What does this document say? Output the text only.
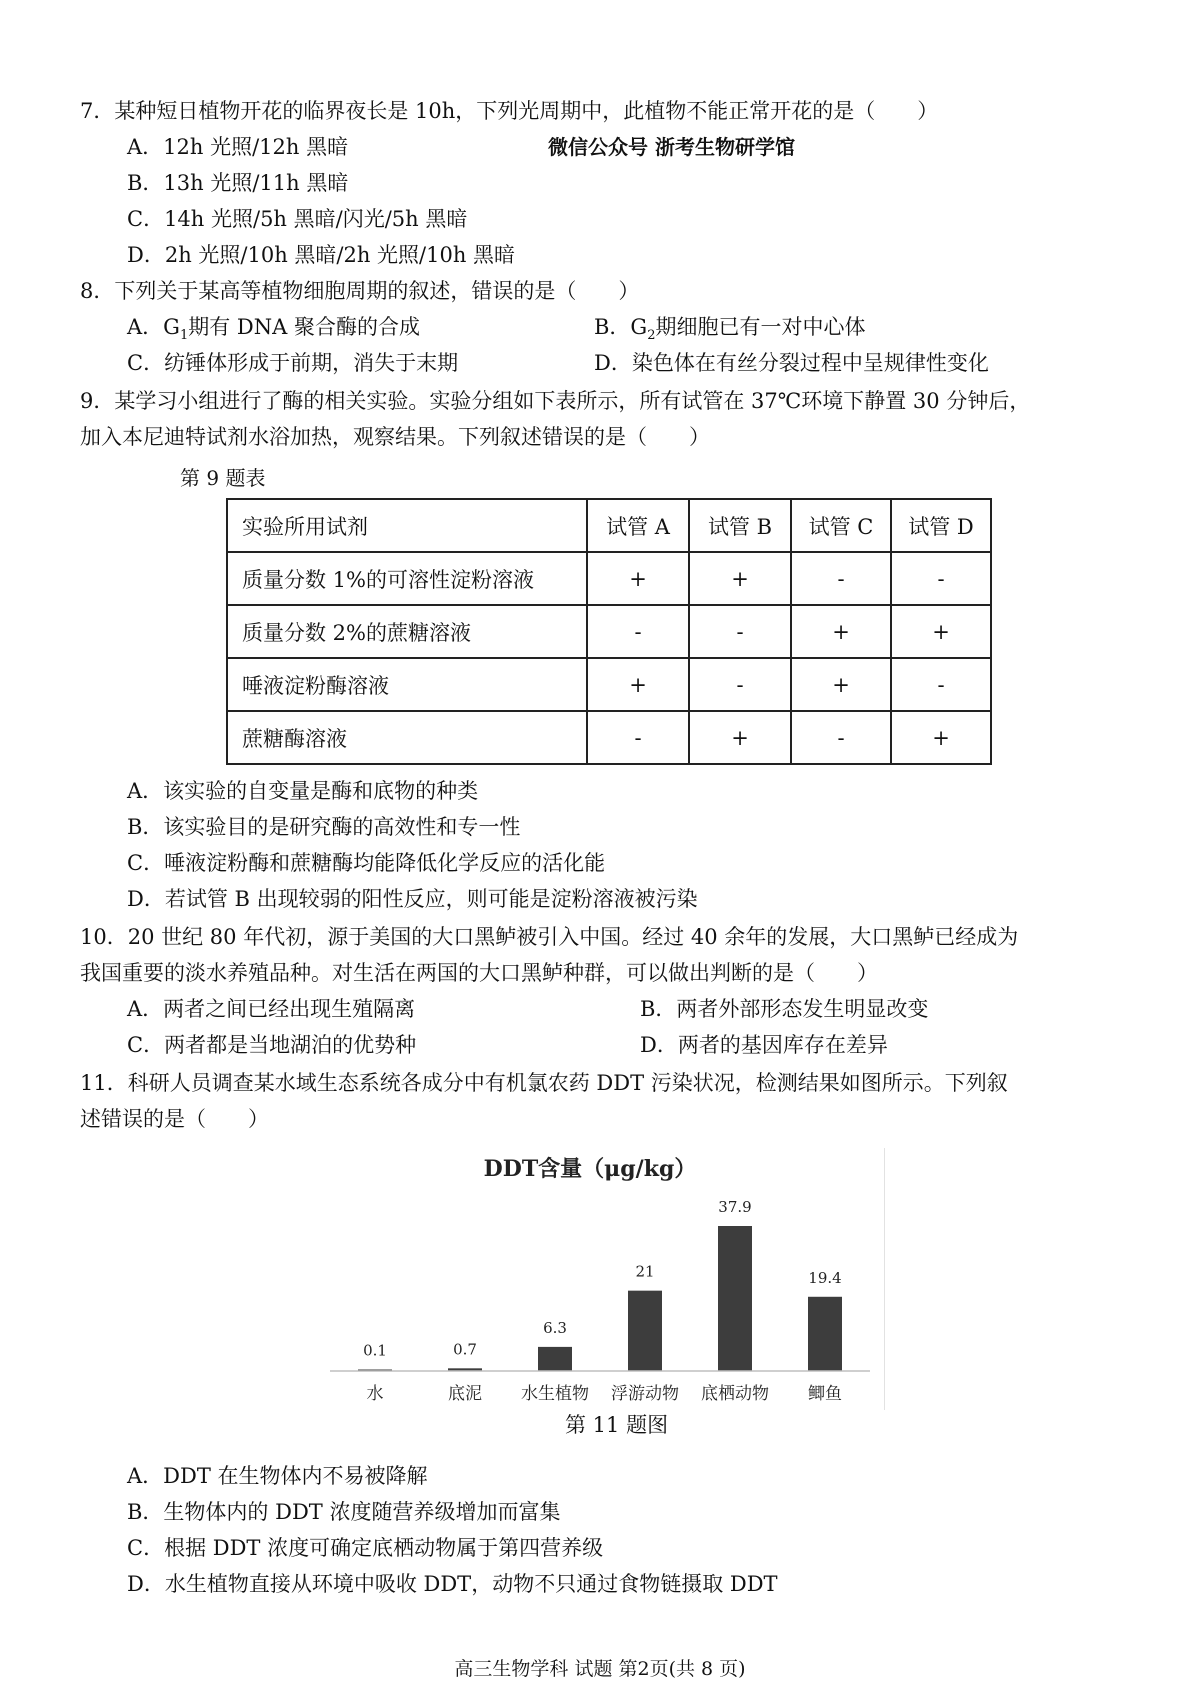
7．某种短日植物开花的临界夜长是 10h，下列光周期中，此植物不能正常开花的是（　　）
A．12h 光照/12h 黑暗	微信公众号 浙考生物研学馆
B．13h 光照/11h 黑暗
C．14h 光照/5h 黑暗/闪光/5h 黑暗
D．2h 光照/10h 黑暗/2h 光照/10h 黑暗
8．下列关于某高等植物细胞周期的叙述，错误的是（　　）
A．$G_1$期有 DNA 聚合酶的合成	B．$G_2$期细胞已有一对中心体
C．纺锤体形成于前期，消失于末期	D．染色体在有丝分裂过程中呈规律性变化
9．某学习小组进行了酶的相关实验。实验分组如下表所示，所有试管在 37℃环境下静置 30 分钟后，
加入本尼迪特试剂水浴加热，观察结果。下列叙述错误的是（　　）
第 9 题表
实验所用试剂	试管 A	试管 B	试管 C	试管 D
质量分数 1%的可溶性淀粉溶液	+	+	-	-
质量分数 2%的蔗糖溶液	-	-	+	+
唾液淀粉酶溶液	+	-	+	-
蔗糖酶溶液	-	+	-	+
A．该实验的自变量是酶和底物的种类
B．该实验目的是研究酶的高效性和专一性
C．唾液淀粉酶和蔗糖酶均能降低化学反应的活化能
D．若试管 B 出现较弱的阳性反应，则可能是淀粉溶液被污染
10．20 世纪 80 年代初，源于美国的大口黑鲈被引入中国。经过 40 余年的发展，大口黑鲈已经成为
我国重要的淡水养殖品种。对生活在两国的大口黑鲈种群，可以做出判断的是（　　）
A．两者之间已经出现生殖隔离	B．两者外部形态发生明显改变
C．两者都是当地湖泊的优势种	D．两者的基因库存在差异
11．科研人员调查某水域生态系统各成分中有机氯农药 DDT 污染状况，检测结果如图所示。下列叙
述错误的是（　　）
DDT含量（μg/kg）
0.1
水
0.7
底泥
6.3
水生植物
21
浮游动物
37.9
底栖动物
19.4
鲫鱼
第 11 题图
A．DDT 在生物体内不易被降解
B．生物体内的 DDT 浓度随营养级增加而富集
C．根据 DDT 浓度可确定底栖动物属于第四营养级
D．水生植物直接从环境中吸收 DDT，动物不只通过食物链摄取 DDT
高三生物学科 试题 第2页(共 8 页)
